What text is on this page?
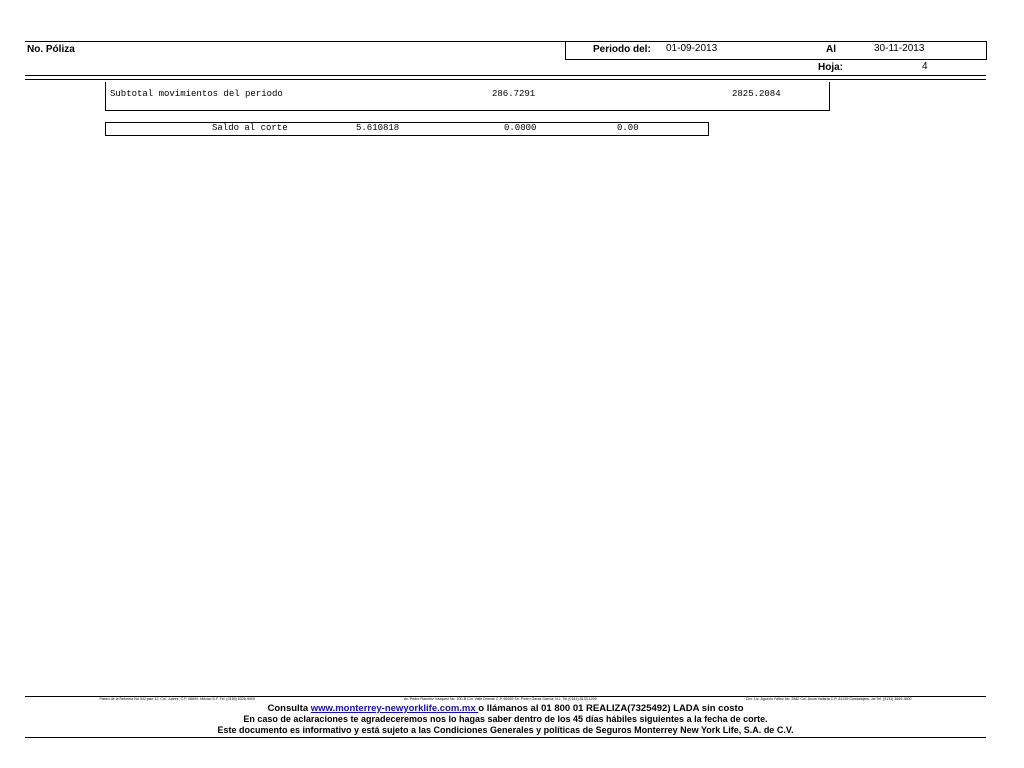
No. Póliza	Periodo del: 01-09-2013	Al	30-11-2013
Hoja:	4
Subtotal movimientos del periodo	286.7291	2825.2084
Saldo al corte	5.610818	0.0000	0.00
Paseo de la Reforma No 342 piso 12, Col. Juárez, C.P. 06600, México D.F. Tel. (0155) 5328-9000	Av. Pedro Ramírez Vázquez No. 200-B Col. Valle Oriente C.P. 66269 Sn. Pedro Garza García, N.L. Tel.(0181) 8133-1200	Circ. Lic. Agustín Yáñez No. 2582 Col. Arcos Vallarta C.P. 44130 Guadalajara, Jal Tel. (0133) 3669-3600
Consulta www.monterrey-newyorklife.com.mx o llámanos al 01 800 01 REALIZA(7325492) LADA sin costo
En caso de aclaraciones te agradeceremos nos lo hagas saber dentro de los 45 días hábiles siguientes a la fecha de corte.
Este documento es informativo y está sujeto a las Condiciones Generales y políticas de Seguros Monterrey New York Life, S.A. de C.V.
